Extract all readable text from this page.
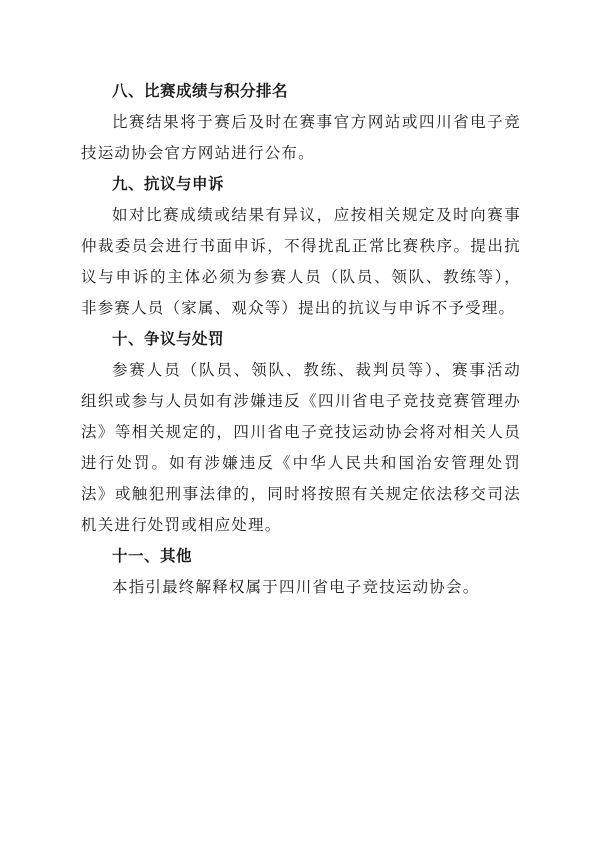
八、比赛成绩与积分排名

比赛结果将于赛后及时在赛事官方网站或四川省电子竞技运动协会官方网站进行公布。

九、抗议与申诉

如对比赛成绩或结果有异议，应按相关规定及时向赛事仲裁委员会进行书面申诉，不得扰乱正常比赛秩序。提出抗议与申诉的主体必须为参赛人员（队员、领队、教练等），非参赛人员（家属、观众等）提出的抗议与申诉不予受理。

十、争议与处罚

参赛人员（队员、领队、教练、裁判员等）、赛事活动组织或参与人员如有涉嫌违反《四川省电子竞技竞赛管理办法》等相关规定的，四川省电子竞技运动协会将对相关人员进行处罚。如有涉嫌违反《中华人民共和国治安管理处罚法》或触犯刑事法律的，同时将按照有关规定依法移交司法机关进行处罚或相应处理。

十一、其他

本指引最终解释权属于四川省电子竞技运动协会。
